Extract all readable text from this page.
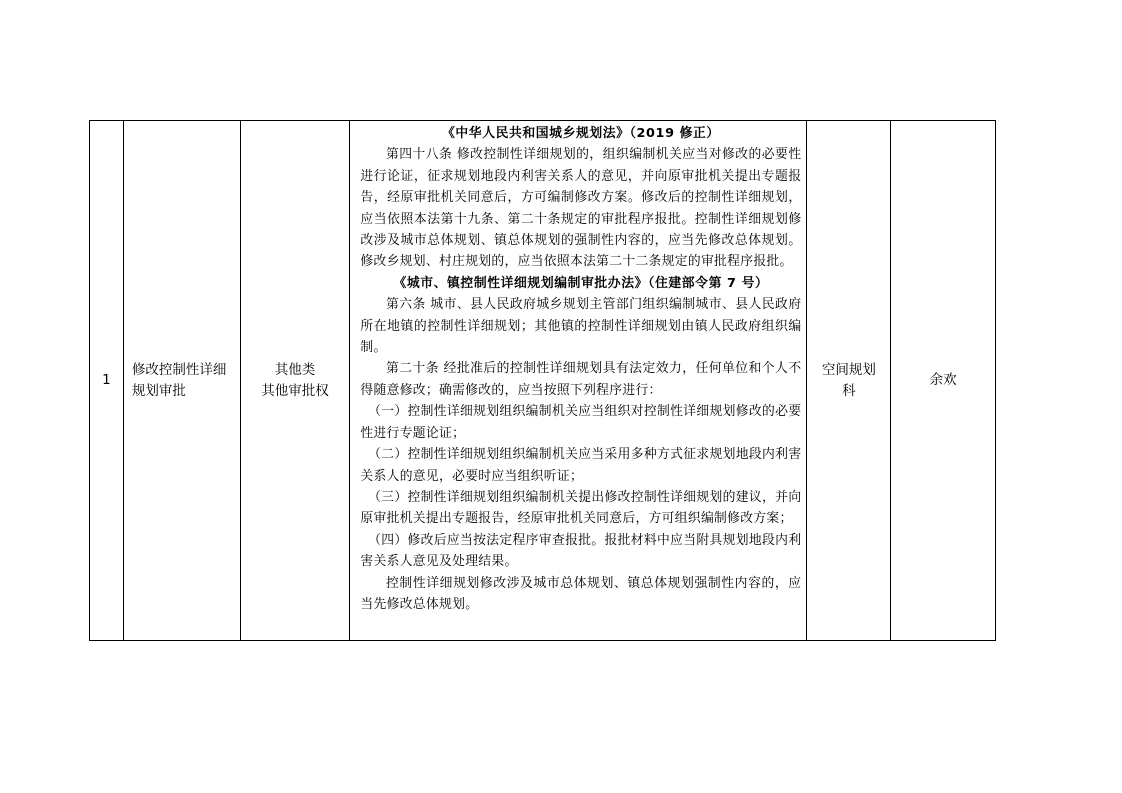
1
修改控制性详细规划审批
其他类
其他审批权

《中华人民共和国城乡规划法》（2019 修正）

第四十八条 修改控制性详细规划的，组织编制机关应当对修改的必要性进行论证，征求规划地段内利害关系人的意见，并向原审批机关提出专题报告，经原审批机关同意后，方可编制修改方案。修改后的控制性详细规划，应当依照本法第十九条、第二十条规定的审批程序报批。控制性详细规划修改涉及城市总体规划、镇总体规划的强制性内容的，应当先修改总体规划。修改乡规划、村庄规划的，应当依照本法第二十二条规定的审批程序报批。

《城市、镇控制性详细规划编制审批办法》（住建部令第 7 号）

第六条 城市、县人民政府城乡规划主管部门组织编制城市、县人民政府所在地镇的控制性详细规划；其他镇的控制性详细规划由镇人民政府组织编制。

第二十条 经批准后的控制性详细规划具有法定效力，任何单位和个人不得随意修改；确需修改的，应当按照下列程序进行：

（一）控制性详细规划组织编制机关应当组织对控制性详细规划修改的必要性进行专题论证；

（二）控制性详细规划组织编制机关应当采用多种方式征求规划地段内利害关系人的意见，必要时应当组织听证；

（三）控制性详细规划组织编制机关提出修改控制性详细规划的建议，并向原审批机关提出专题报告，经原审批机关同意后，方可组织编制修改方案；

（四）修改后应当按法定程序审查报批。报批材料中应当附具规划地段内利害关系人意见及处理结果。

控制性详细规划修改涉及城市总体规划、镇总体规划强制性内容的，应当先修改总体规划。

空间规划科
余欢
